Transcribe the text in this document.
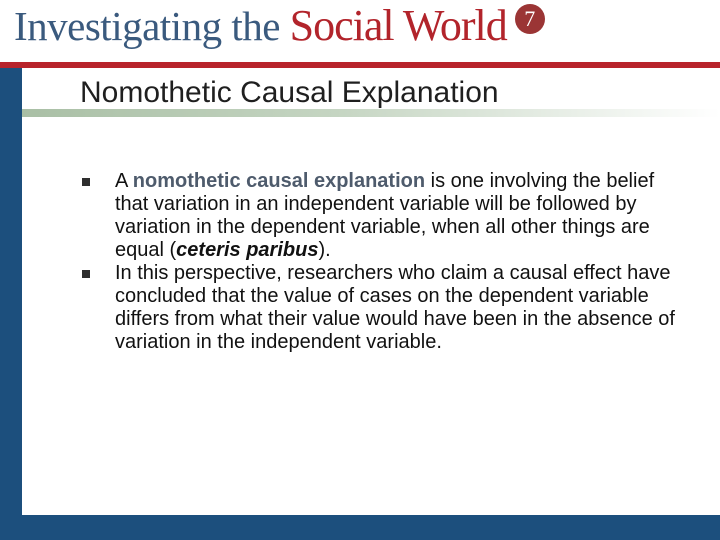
Investigating the Social World 7
Nomothetic Causal Explanation
A nomothetic causal explanation is one involving the belief that variation in an independent variable will be followed by variation in the dependent variable, when all other things are equal (ceteris paribus).
In this perspective, researchers who claim a causal effect have concluded that the value of cases on the dependent variable differs from what their value would have been in the absence of variation in the independent variable.
